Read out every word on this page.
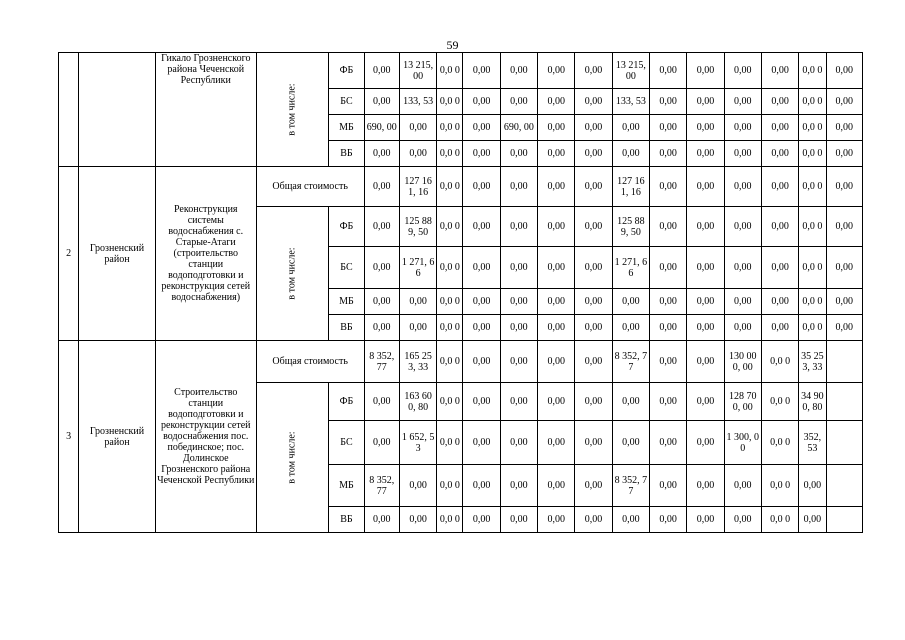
59
		Гикало Грозненского района Чеченской Республики	в том числе:	ФБ	0,00	13 215, 00	0,0 0	0,00	0,00	0,00	0,00	13 215, 00	0,00	0,00	0,00	0,00	0,0 0	0,00
				БС	0,00	133, 53	0,0 0	0,00	0,00	0,00	0,00	133, 53	0,00	0,00	0,00	0,00	0,0 0	0,00
				МБ	690, 00	0,00	0,0 0	0,00	690, 00	0,00	0,00	0,00	0,00	0,00	0,00	0,00	0,0 0	0,00
				ВБ	0,00	0,00	0,0 0	0,00	0,00	0,00	0,00	0,00	0,00	0,00	0,00	0,00	0,0 0	0,00
2	Грозненский район	Реконструкция системы водоснабжения с. Старые-Атаги (строительство станции водоподготовки и реконструкция сетей водоснабжения)	Общая стоимость		0,00	127 161, 16	0,0 0	0,00	0,00	0,00	0,00	127 161, 16	0,00	0,00	0,00	0,00	0,0 0	0,00
			в том числе:	ФБ	0,00	125 889, 50	0,0 0	0,00	0,00	0,00	0,00	125 889, 50	0,00	0,00	0,00	0,00	0,0 0	0,00
				БС	0,00	1 271, 66	0,0 0	0,00	0,00	0,00	0,00	1 271, 66	0,00	0,00	0,00	0,00	0,0 0	0,00
				МБ	0,00	0,00	0,0 0	0,00	0,00	0,00	0,00	0,00	0,00	0,00	0,00	0,00	0,0 0	0,00
				ВБ	0,00	0,00	0,0 0	0,00	0,00	0,00	0,00	0,00	0,00	0,00	0,00	0,00	0,0 0	0,00
3	Грозненский район	Строительство станции водоподготовки и реконструкции сетей водоснабжения пос. побединское; пос. Долинское Грозненского района Чеченской Республики	Общая стоимость		8 352, 77	165 253, 33	0,0 0	0,00	0,00	0,00	0,00	8 352, 77	0,00	0,00	130 000, 00	0,0 0	35 253, 33	
			в том числе:	ФБ	0,00	163 600, 80	0,0 0	0,00	0,00	0,00	0,00	0,00	0,00	0,00	128 700, 00	0,0 0	34 900, 80	
				БС	0,00	1 652, 53	0,0 0	0,00	0,00	0,00	0,00	0,00	0,00	0,00	1 300, 00	0,0 0	352, 53	
				МБ	8 352, 77	0,00	0,0 0	0,00	0,00	0,00	0,00	8 352, 77	0,00	0,00	0,00	0,0 0	0,00	
				ВБ	0,00	0,00	0,0 0	0,00	0,00	0,00	0,00	0,00	0,00	0,00	0,00	0,0 0	0,00	
